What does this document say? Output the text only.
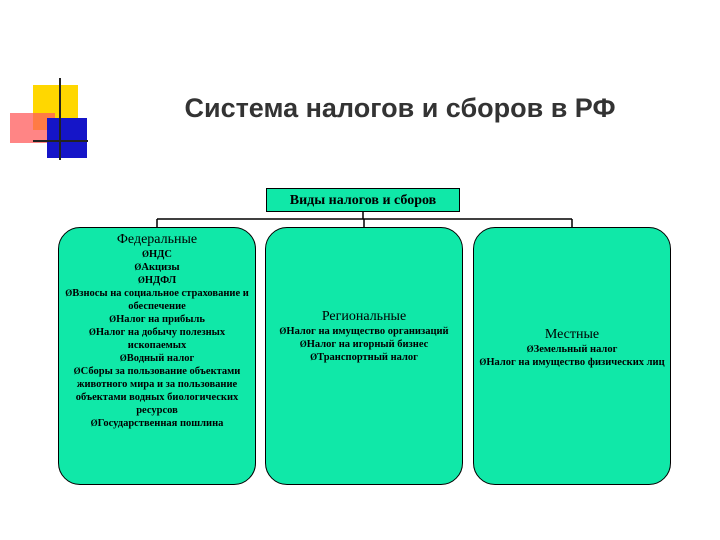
Система налогов и сборов в РФ
Виды налогов и сборов
Федеральные
ØНДС
ØАкцизы
ØНДФЛ
ØВзносы на социальное страхование и обеспечение
ØНалог на прибыль
ØНалог на добычу полезных ископаемых
ØВодный налог
ØСборы за пользование объектами животного мира и за пользование объектами водных биологических ресурсов
ØГосударственная пошлина
Региональные
ØНалог на имущество организаций
ØНалог на игорный бизнес
ØТранспортный налог
Местные
ØЗемельный налог
ØНалог на имущество физических лиц
